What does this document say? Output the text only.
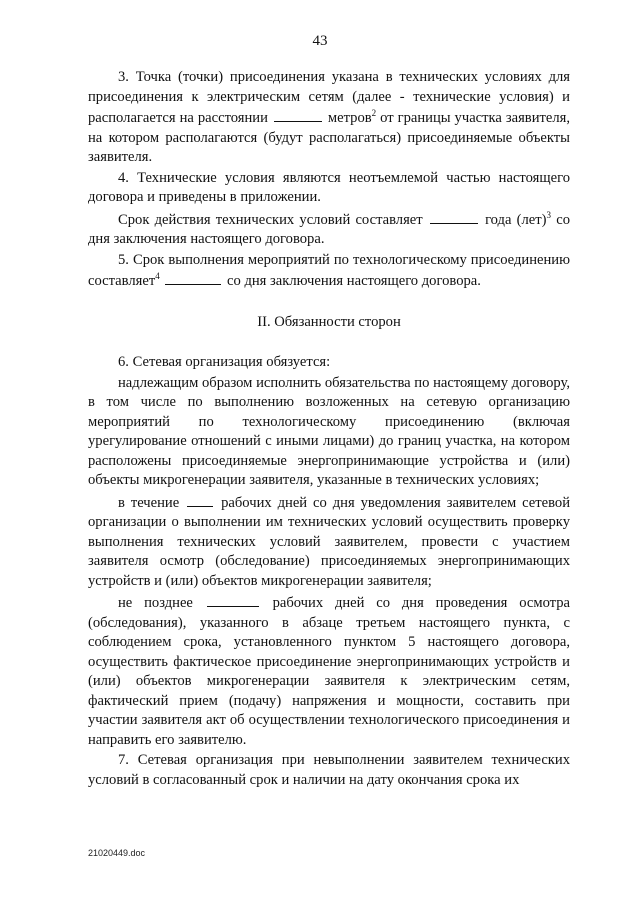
43

3. Точка (точки) присоединения указана в технических условиях для присоединения к электрическим сетям (далее - технические условия) и располагается на расстоянии	метров$^2$ от границы участка заявителя, на котором располагаются (будут располагаться) присоединяемые объекты заявителя.

4. Технические условия являются неотъемлемой частью настоящего договора и приведены в приложении.

Срок действия технических условий составляет	года (лет)$^3$ со дня заключения настоящего договора.

5. Срок выполнения мероприятий по технологическому присоединению составляет$^4$	со дня заключения настоящего договора.

II. Обязанности сторон

6. Сетевая организация обязуется:

надлежащим образом исполнить обязательства по настоящему договору, в том числе по выполнению возложенных на сетевую организацию мероприятий по технологическому присоединению (включая урегулирование отношений с иными лицами) до границ участка, на котором расположены присоединяемые энергопринимающие устройства и (или) объекты микрогенерации заявителя, указанные в технических условиях;

в течение	рабочих дней со дня уведомления заявителем сетевой организации о выполнении им технических условий осуществить проверку выполнения технических условий заявителем, провести с участием заявителя осмотр (обследование) присоединяемых энергопринимающих устройств и (или) объектов микрогенерации заявителя;

не позднее	рабочих дней со дня проведения осмотра (обследования), указанного в абзаце третьем настоящего пункта, с соблюдением срока, установленного пунктом 5 настоящего договора, осуществить фактическое присоединение энергопринимающих устройств и (или) объектов микрогенерации заявителя к электрическим сетям, фактический прием (подачу) напряжения и мощности, составить при участии заявителя акт об осуществлении технологического присоединения и направить его заявителю.

7. Сетевая организация при невыполнении заявителем технических условий в согласованный срок и наличии на дату окончания срока их

21020449.doc
